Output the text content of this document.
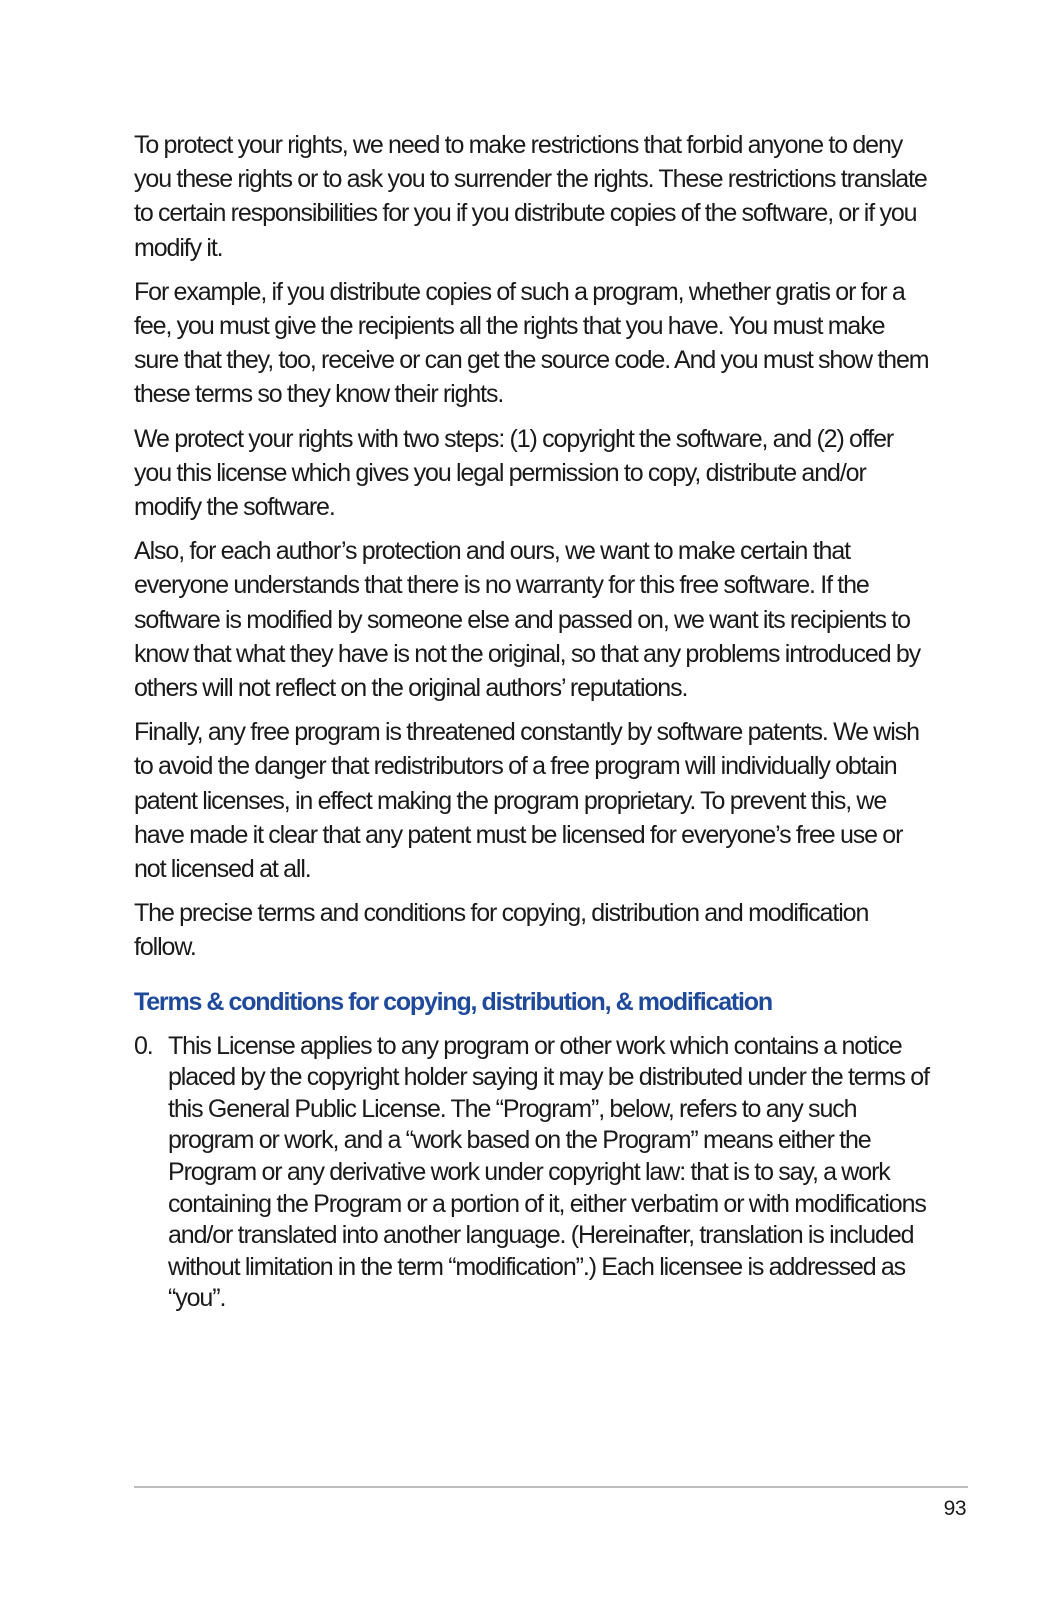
To protect your rights, we need to make restrictions that forbid anyone to deny you these rights or to ask you to surrender the rights. These restrictions translate to certain responsibilities for you if you distribute copies of the software, or if you modify it.

For example, if you distribute copies of such a program, whether gratis or for a fee, you must give the recipients all the rights that you have. You must make sure that they, too, receive or can get the source code. And you must show them these terms so they know their rights.

We protect your rights with two steps: (1) copyright the software, and (2) offer you this license which gives you legal permission to copy, distribute and/or modify the software.

Also, for each author’s protection and ours, we want to make certain that everyone understands that there is no warranty for this free software. If the software is modified by someone else and passed on, we want its recipients to know that what they have is not the original, so that any problems introduced by others will not reflect on the original authors’ reputations.

Finally, any free program is threatened constantly by software patents. We wish to avoid the danger that redistributors of a free program will individually obtain patent licenses, in effect making the program proprietary. To prevent this, we have made it clear that any patent must be licensed for everyone’s free use or not licensed at all.

The precise terms and conditions for copying, distribution and modification follow.

Terms & conditions for copying, distribution, & modification
0. This License applies to any program or other work which contains a notice placed by the copyright holder saying it may be distributed under the terms of this General Public License. The “Program”, below, refers to any such program or work, and a “work based on the Program” means either the Program or any derivative work under copyright law: that is to say, a work containing the Program or a portion of it, either verbatim or with modifications and/or translated into another language. (Hereinafter, translation is included without limitation in the term “modification”.) Each licensee is addressed as “you”.
93
